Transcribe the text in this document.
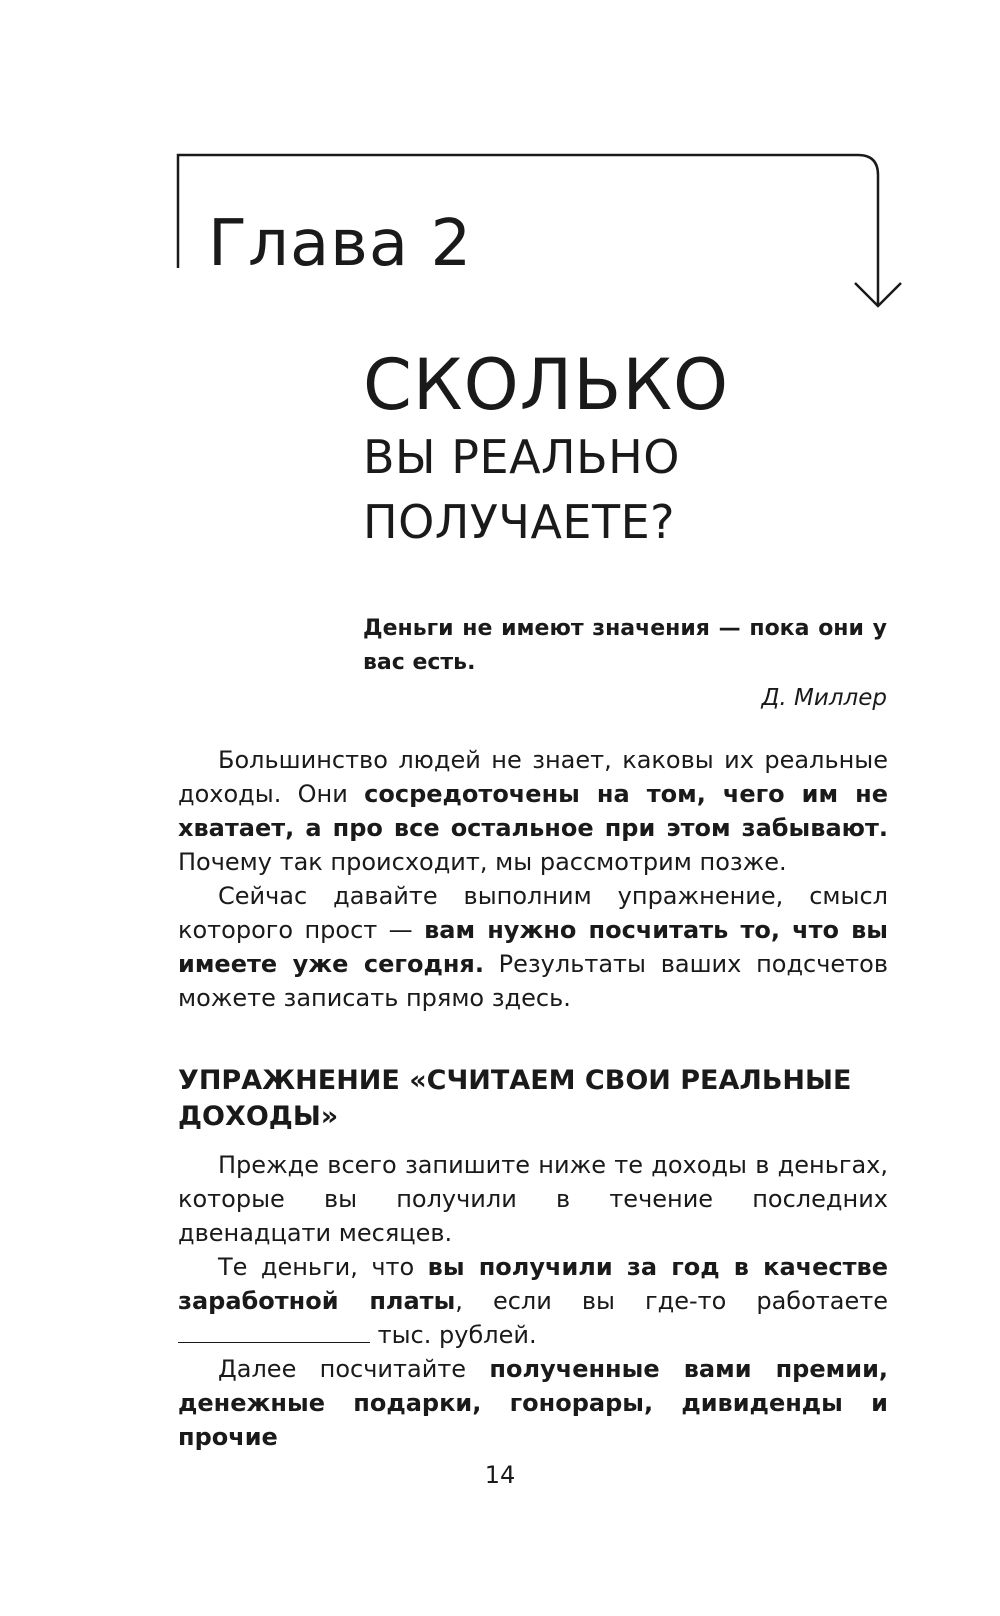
Глава 2
СКОЛЬКО
ВЫ РЕАЛЬНО
ПОЛУЧАЕТЕ?

Деньги не имеют значения — пока они у вас есть.

Д. Миллер

Большинство людей не знает, каковы их реальные доходы. Они сосредоточены на том, чего им не хватает, а про все остальное при этом забывают. Почему так происходит, мы рассмотрим позже.

Сейчас давайте выполним упражнение, смысл которого прост — вам нужно посчитать то, что вы имеете уже сегодня. Результаты ваших подсчетов можете записать прямо здесь.

УПРАЖНЕНИЕ «СЧИТАЕМ СВОИ РЕАЛЬНЫЕ ДОХОДЫ»

Прежде всего запишите ниже те доходы в деньгах, которые вы получили в течение последних двенадцати месяцев.

Те деньги, что вы получили за год в качестве заработной платы, если вы где-то работаете  тыс. рублей.

Далее посчитайте полученные вами премии, денежные подарки, гонорары, дивиденды и прочие

14
